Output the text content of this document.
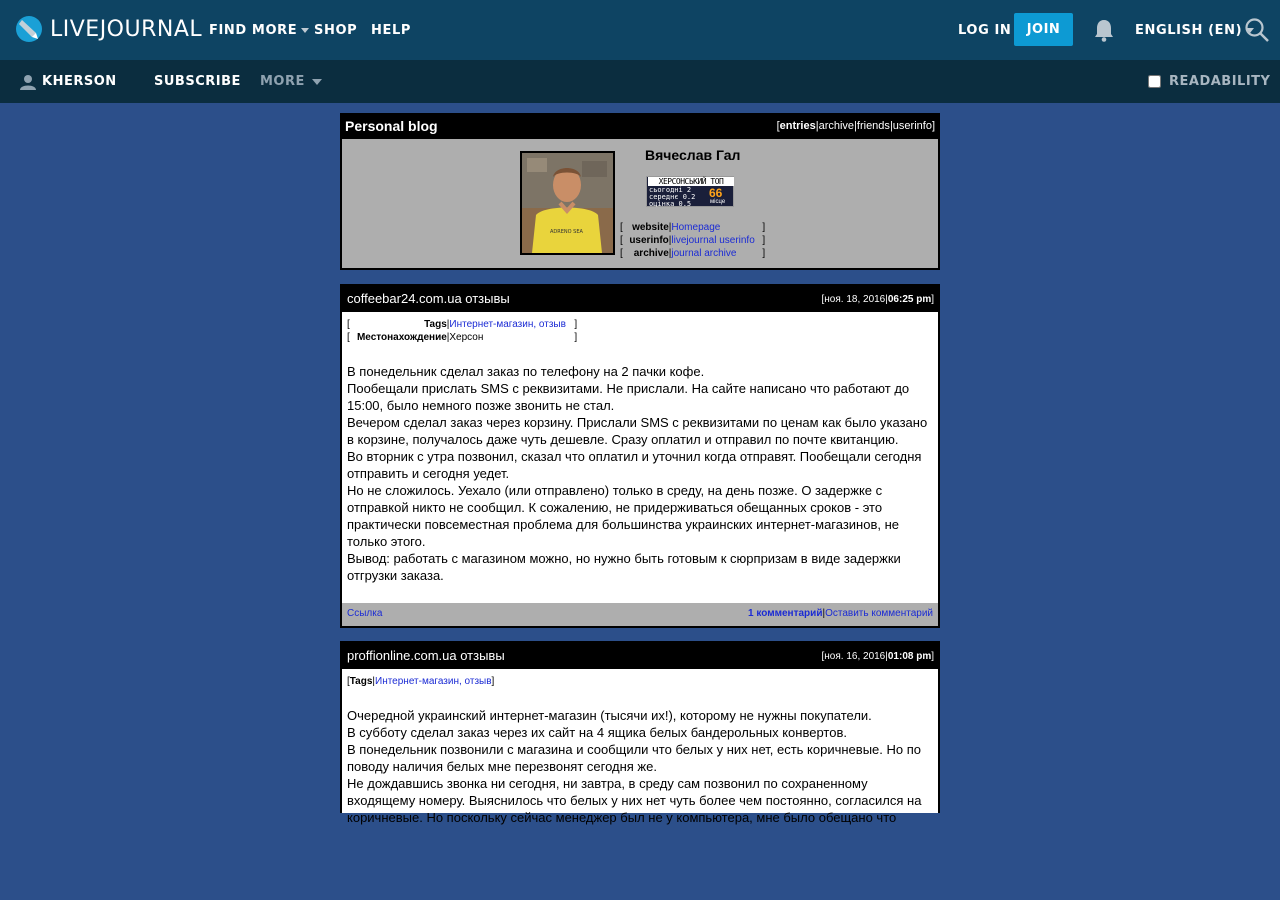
LIVEJOURNAL FIND MORE SHOP HELP	LOG IN	JOIN	ENGLISH (EN)
KHERSON	SUBSCRIBE MORE	READABILITY
Personal blog	[entries|archive|friends|userinfo]
ADRENO SEA
Вячеслав Гал
ХЕРСОНСЬКИЙ ТОП
сьогодні 2
середнє 0.2
оцінка 0.5
66
місце
[ website | Homepage	]
[ userinfo | livejournal userinfo ]
[	archive | journal archive	]
coffeebar24.com.ua отзывы	[ноя. 18, 2016|06:25 pm]
[	Tags | Интернет-магазин, отзыв ]
[ Местонахождение | Херсон	]

В понедельник сделал заказ по телефону на 2 пачки кофе.

Пообещали прислать SMS с реквизитами. Не прислали. На сайте написано что работают до 15:00, было немного позже звонить не стал.

Вечером сделал заказ через корзину. Прислали SMS с реквизитами по ценам как было указано в корзине, получалось даже чуть дешевле. Сразу оплатил и отправил по почте квитанцию.

Во вторник с утра позвонил, сказал что оплатил и уточнил когда отправят. Пообещали сегодня отправить и сегодня уедет.

Но не сложилось. Уехало (или отправлено) только в среду, на день позже. О задержке с отправкой никто не сообщил. К сожалению, не придерживаться обещанных сроков - это практически повсеместная проблема для большинства украинских интернет-магазинов, не только этого.

Вывод: работать с магазином можно, но нужно быть готовым к сюрпризам в виде задержки отгрузки заказа.

Ссылка	1 комментарий|Оставить комментарий
proffionline.com.ua отзывы	[ноя. 16, 2016|01:08 pm]
[ Tags | Интернет-магазин, отзыв ]

Очередной украинский интернет-магазин (тысячи их!), которому не нужны покупатели.

В субботу сделал заказ через их сайт на 4 ящика белых бандерольных конвертов.

В понедельник позвонили с магазина и сообщили что белых у них нет, есть коричневые. Но по поводу наличия белых мне перезвонят сегодня же.

Не дождавшись звонка ни сегодня, ни завтра, в среду сам позвонил по сохраненному входящему номеру. Выяснилось что белых у них нет чуть более чем постоянно, согласился на коричневые. Но поскольку сейчас менеджер был не у компьютера, мне было обещано что
